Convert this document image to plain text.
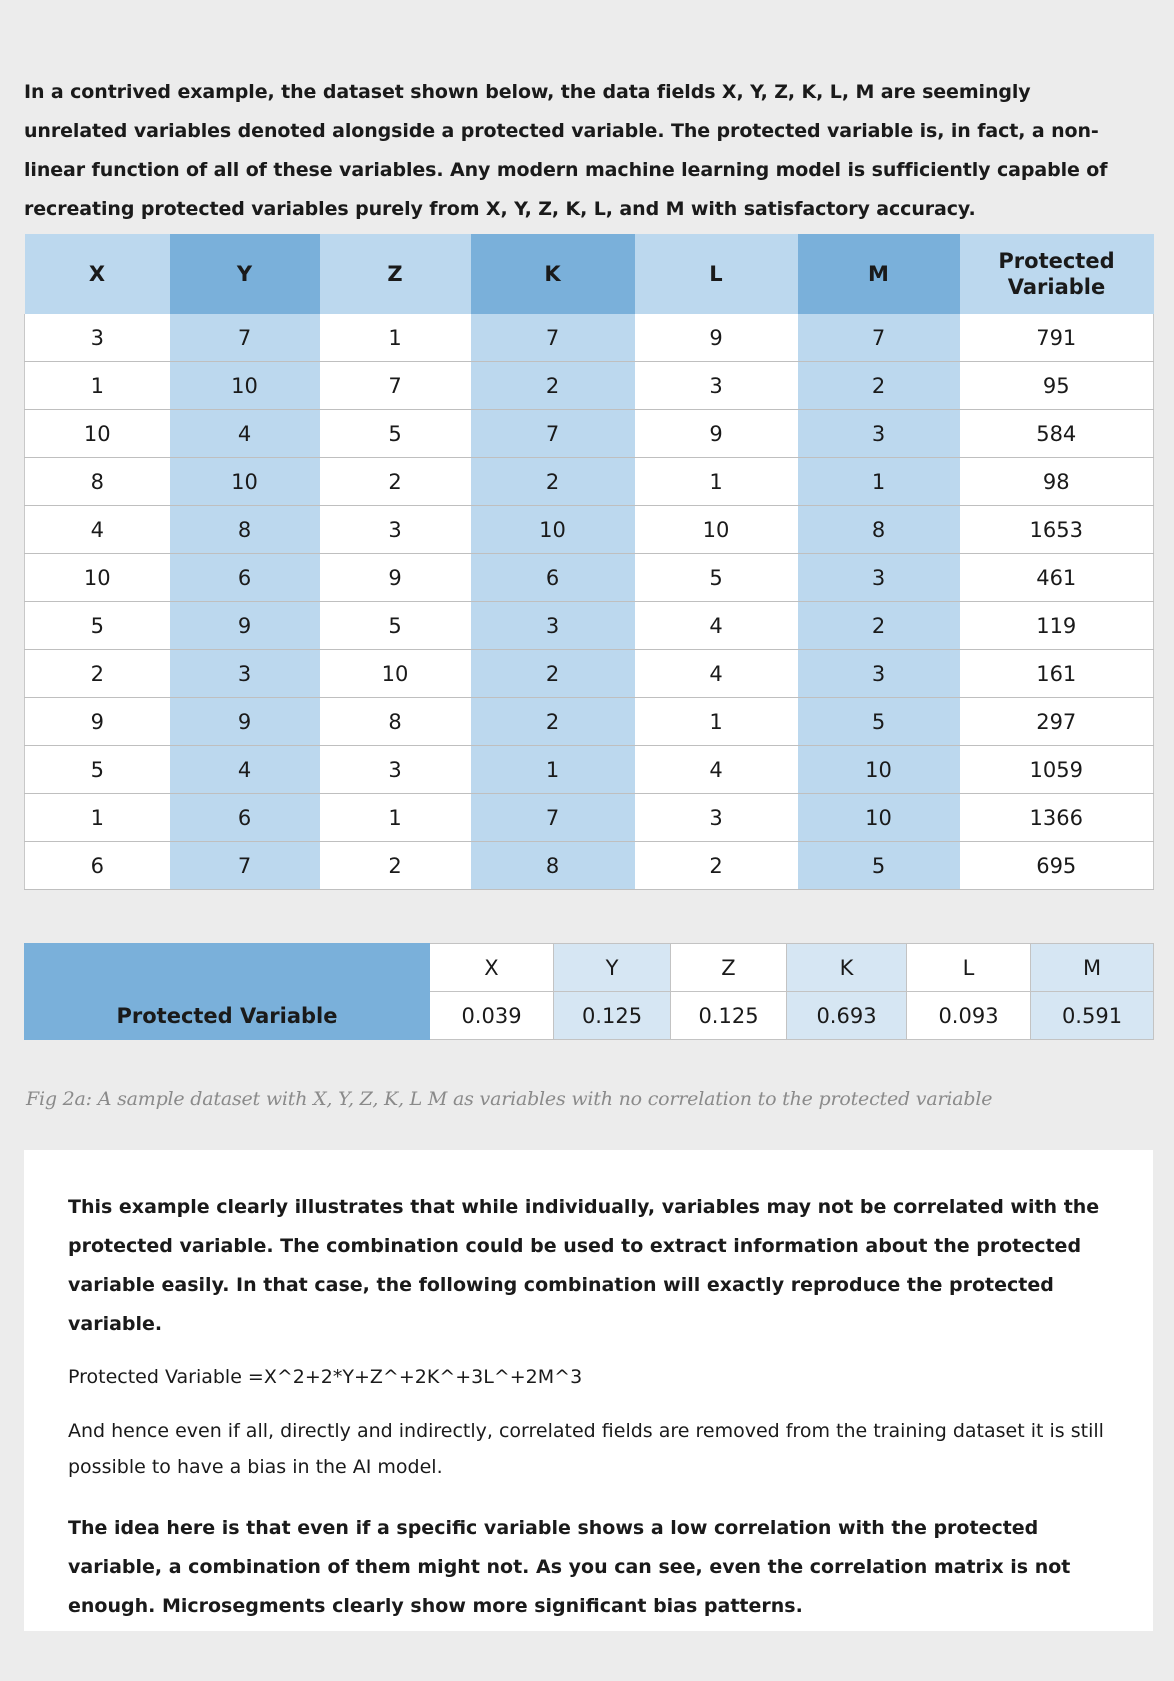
In a contrived example, the dataset shown below, the data fields X, Y, Z, K, L, M are seemingly unrelated variables denoted alongside a protected variable. The protected variable is, in fact, a non-linear function of all of these variables. Any modern machine learning model is sufficiently capable of recreating protected variables purely from X, Y, Z, K, L, and M with satisfactory accuracy.

X	Y	Z	K	L	M	Protected Variable
3	7	1	7	9	7	791
1	10	7	2	3	2	95
10	4	5	7	9	3	584
8	10	2	2	1	1	98
4	8	3	10	10	8	1653
10	6	9	6	5	3	461
5	9	5	3	4	2	119
2	3	10	2	4	3	161
9	9	8	2	1	5	297
5	4	3	1	4	10	1059
1	6	1	7	3	10	1366
6	7	2	8	2	5	695
	X	Y	Z	K	L	M
Protected Variable	0.039	0.125	0.125	0.693	0.093	0.591
Fig 2a: A sample dataset with X, Y, Z, K, L M as variables with no correlation to the protected variable

This example clearly illustrates that while individually, variables may not be correlated with the protected variable. The combination could be used to extract information about the protected variable easily. In that case, the following combination will exactly reproduce the protected variable.

Protected Variable =X^2+2*Y+Z^+2K^+3L^+2M^3

And hence even if all, directly and indirectly, correlated fields are removed from the training dataset it is still possible to have a bias in the AI model.

The idea here is that even if a specific variable shows a low correlation with the protected variable, a combination of them might not. As you can see, even the correlation matrix is not enough. Microsegments clearly show more significant bias patterns.
